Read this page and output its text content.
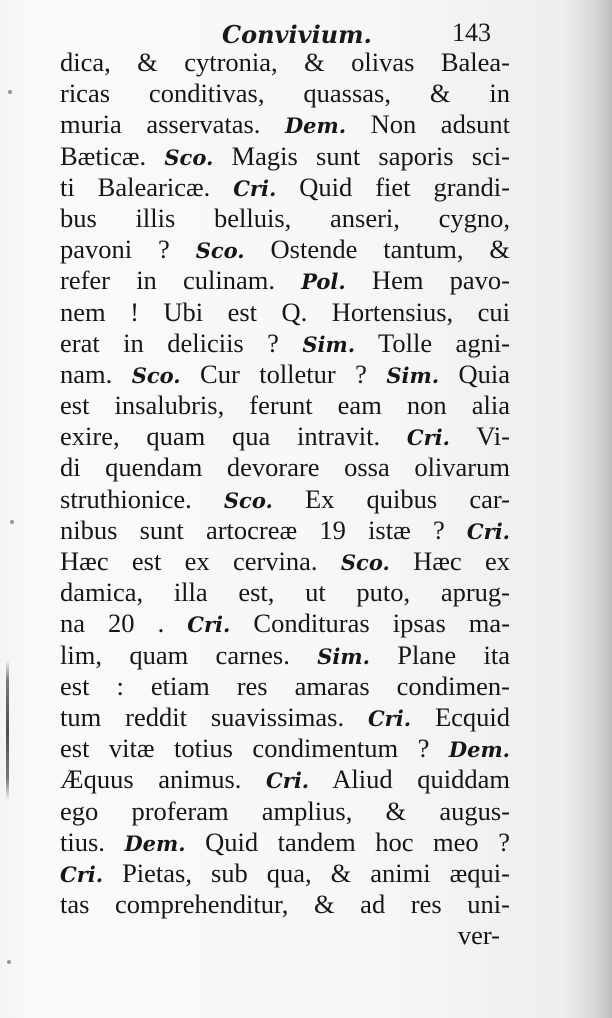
Convivium.	143
dica, & cytronia, & olivas Balea-
ricas conditivas, quassas, & in
muria asservatas. Dem. Non adsunt
Bæticæ. Sco. Magis sunt saporis sci-
ti Balearicæ. Cri. Quid fiet grandi-
bus illis belluis, anseri, cygno,
pavoni ? Sco. Ostende tantum, &
refer in culinam. Pol. Hem pavo-
nem ! Ubi est Q. Hortensius, cui
erat in deliciis ? Sim. Tolle agni-
nam. Sco. Cur tolletur ? Sim. Quia
est insalubris, ferunt eam non alia
exire, quam qua intravit. Cri. Vi-
di quendam devorare ossa olivarum
struthionice. Sco. Ex quibus car-
nibus sunt artocreæ 19 istæ ? Cri.
Hæc est ex cervina. Sco. Hæc ex
damica, illa est, ut puto, aprug-
na 20 . Cri. Condituras ipsas ma-
lim, quam carnes. Sim. Plane ita
est : etiam res amaras condimen-
tum reddit suavissimas. Cri. Ecquid
est vitæ totius condimentum ? Dem.
Æquus animus. Cri. Aliud quiddam
ego proferam amplius, & augus-
tius. Dem. Quid tandem hoc meo ?
Cri. Pietas, sub qua, & animi æqui-
tas comprehenditur, & ad res uni-
ver-
